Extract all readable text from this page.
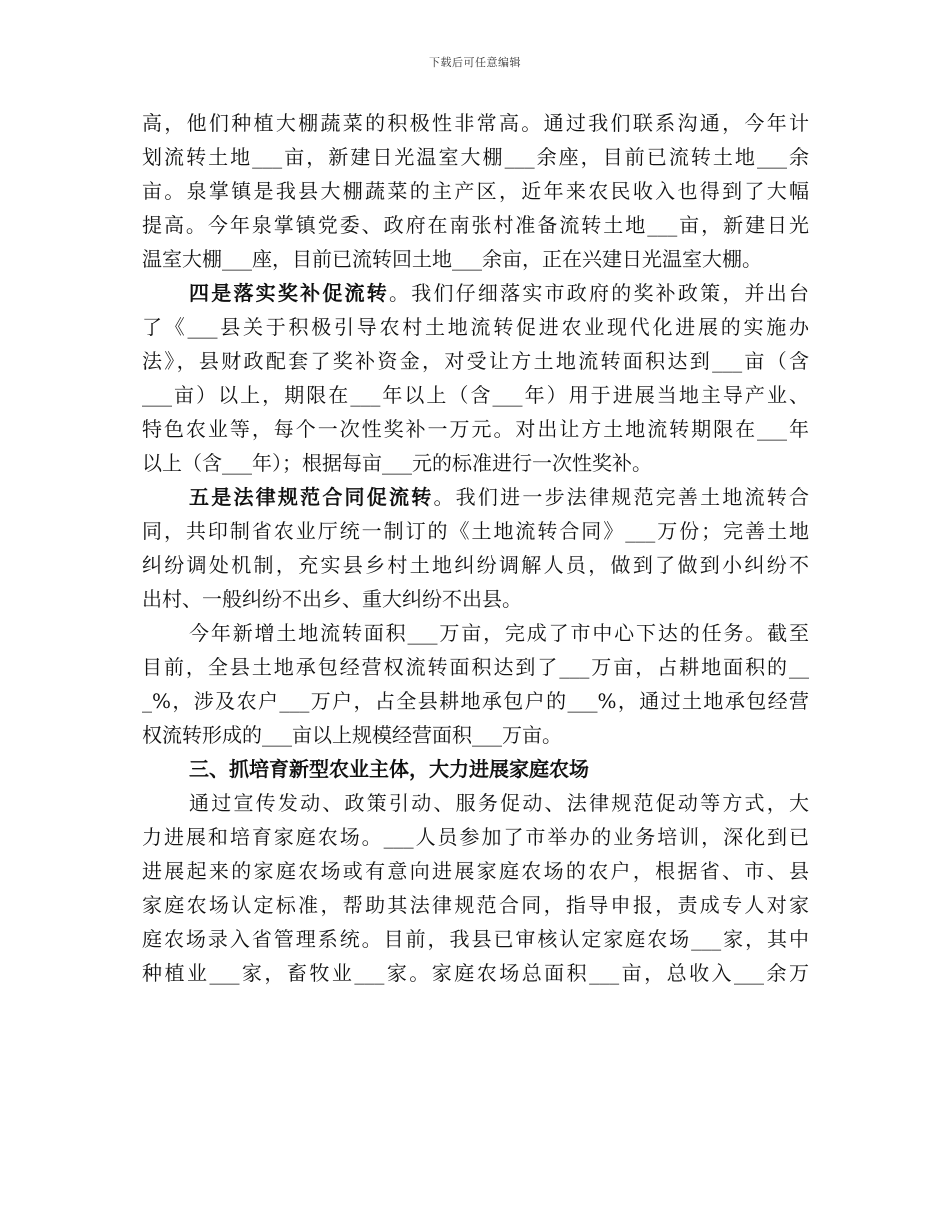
下载后可任意编辑
高，他们种植大棚蔬菜的积极性非常高。通过我们联系沟通，今年计
划流转土地___亩，新建日光温室大棚___余座，目前已流转土地___余
亩。泉掌镇是我县大棚蔬菜的主产区，近年来农民收入也得到了大幅
提高。今年泉掌镇党委、政府在南张村准备流转土地___亩，新建日光
温室大棚___座，目前已流转回土地___余亩，正在兴建日光温室大棚。
四是落实奖补促流转。我们仔细落实市政府的奖补政策，并出台
了《___县关于积极引导农村土地流转促进农业现代化进展的实施办
法》，县财政配套了奖补资金，对受让方土地流转面积达到___亩（含
___亩）以上，期限在___年以上（含___年）用于进展当地主导产业、
特色农业等，每个一次性奖补一万元。对出让方土地流转期限在___年
以上（含___年）；根据每亩___元的标准进行一次性奖补。
五是法律规范合同促流转。我们进一步法律规范完善土地流转合
同，共印制省农业厅统一制订的《土地流转合同》___万份；完善土地
纠纷调处机制，充实县乡村土地纠纷调解人员，做到了做到小纠纷不
出村、一般纠纷不出乡、重大纠纷不出县。
今年新增土地流转面积___万亩，完成了市中心下达的任务。截至
目前，全县土地承包经营权流转面积达到了___万亩，占耕地面积的__
_%，涉及农户___万户，占全县耕地承包户的___%，通过土地承包经营
权流转形成的___亩以上规模经营面积___万亩。
三、抓培育新型农业主体，大力进展家庭农场
通过宣传发动、政策引动、服务促动、法律规范促动等方式，大
力进展和培育家庭农场。___人员参加了市举办的业务培训，深化到已
进展起来的家庭农场或有意向进展家庭农场的农户，根据省、市、县
家庭农场认定标准，帮助其法律规范合同，指导申报，责成专人对家
庭农场录入省管理系统。目前，我县已审核认定家庭农场___家，其中
种植业___家，畜牧业___家。家庭农场总面积___亩，总收入___余万
